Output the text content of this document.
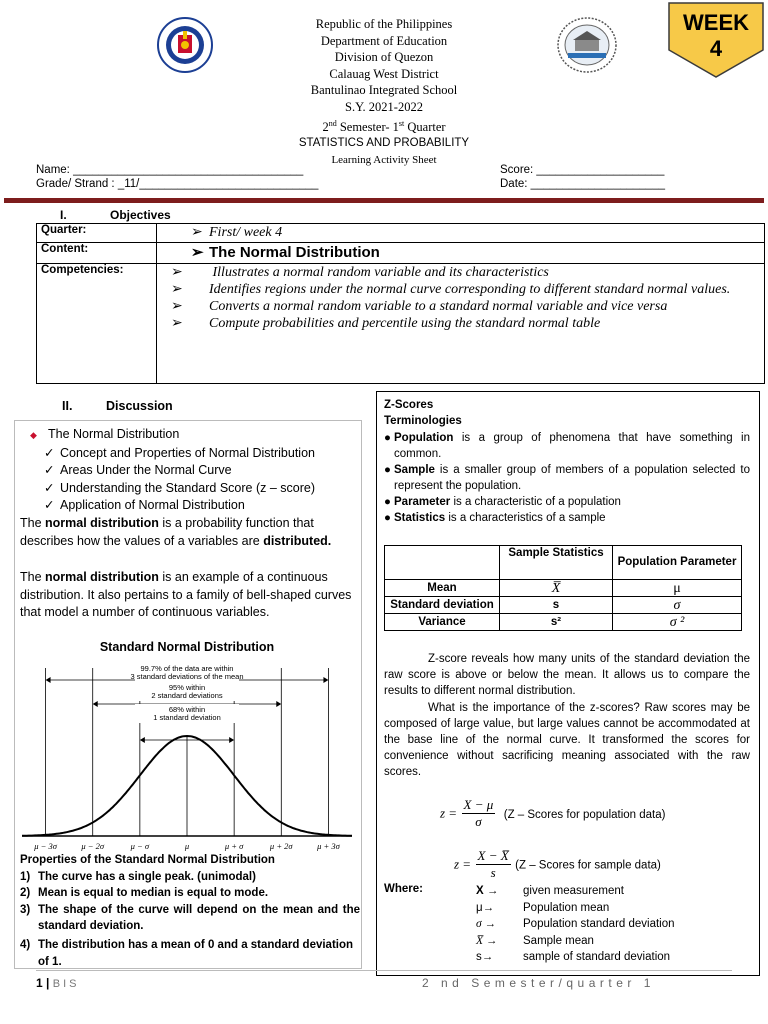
Republic of the Philippines
Department of Education
Division of Quezon
Calauag West District
Bantulinao Integrated School
S.Y. 2021-2022
2nd Semester- 1st Quarter
STATISTICS AND PROBABILITY
Learning Activity Sheet
WEEK
4
Name: ____________________________________
Grade/ Strand : _11/____________________________
Score: ____________________
Date: _____________________
I.	Objectives
Quarter:	➢ First/ week 4

Content:	➢ The Normal Distribution

Competencies:	➢ Illustrates a normal random variable and its characteristics
➢ Identifies regions under the normal curve corresponding to different standard normal values.
➢ Converts a normal random variable to a standard normal variable and vice versa
➢ Compute probabilities and percentile using the standard normal table
II.	Discussion
◆ The Normal Distribution
✓ Concept and Properties of Normal Distribution
✓ Areas Under the Normal Curve
✓ Understanding the Standard Score (z – score)
✓ Application of Normal Distribution
The normal distribution is a probability function that describes how the values of a variables are distributed.
The normal distribution is an example of a continuous distribution. It also pertains to a family of bell-shaped curves that model a number of continuous variables.
Standard Normal Distribution
μ − 3σ	μ − 2σ	μ − σ	μ	μ + σ	μ + 2σ	μ + 3σ
99.7% of the data are within
3 standard deviations of the mean
95% within
2 standard deviations
68% within
1 standard deviation
Properties of the Standard Normal Distribution
1) The curve has a single peak. (unimodal)
2) Mean is equal to median is equal to mode.
3) The shape of the curve will depend on the mean and the standard deviation.
4) The distribution has a mean of 0 and a standard deviation of 1.
Z-Scores
Terminologies
● Population is a group of phenomena that have something in common.
● Sample is a smaller group of members of a population selected to represent the population.
● Parameter is a characteristic of a population
● Statistics is a characteristics of a sample
	Sample Statistics	Population Parameter
Mean	X̅	μ
Standard deviation	s	σ
Variance	s²	σ ²
Z-score reveals how many units of the standard deviation the raw score is above or below the mean. It allows us to compare the results to different normal distribution.
What is the importance of the z-scores? Raw scores may be composed of large value, but large values cannot be accommodated at the base line of the normal curve. It transformed the scores for convenience without sacrificing meaning associated with the raw scores.
$z = \frac{X - \mu}{\sigma} (Z$ – Scores for population data)
$z = \frac{X - X̅}{s} (Z$ – Scores for sample data)
Where:	X → given measurement
μ→	Population mean
σ → Population standard deviation
X̅ → Sample mean
s→	sample of standard deviation
1 | BIS	2 nd Semester/quarter 1
